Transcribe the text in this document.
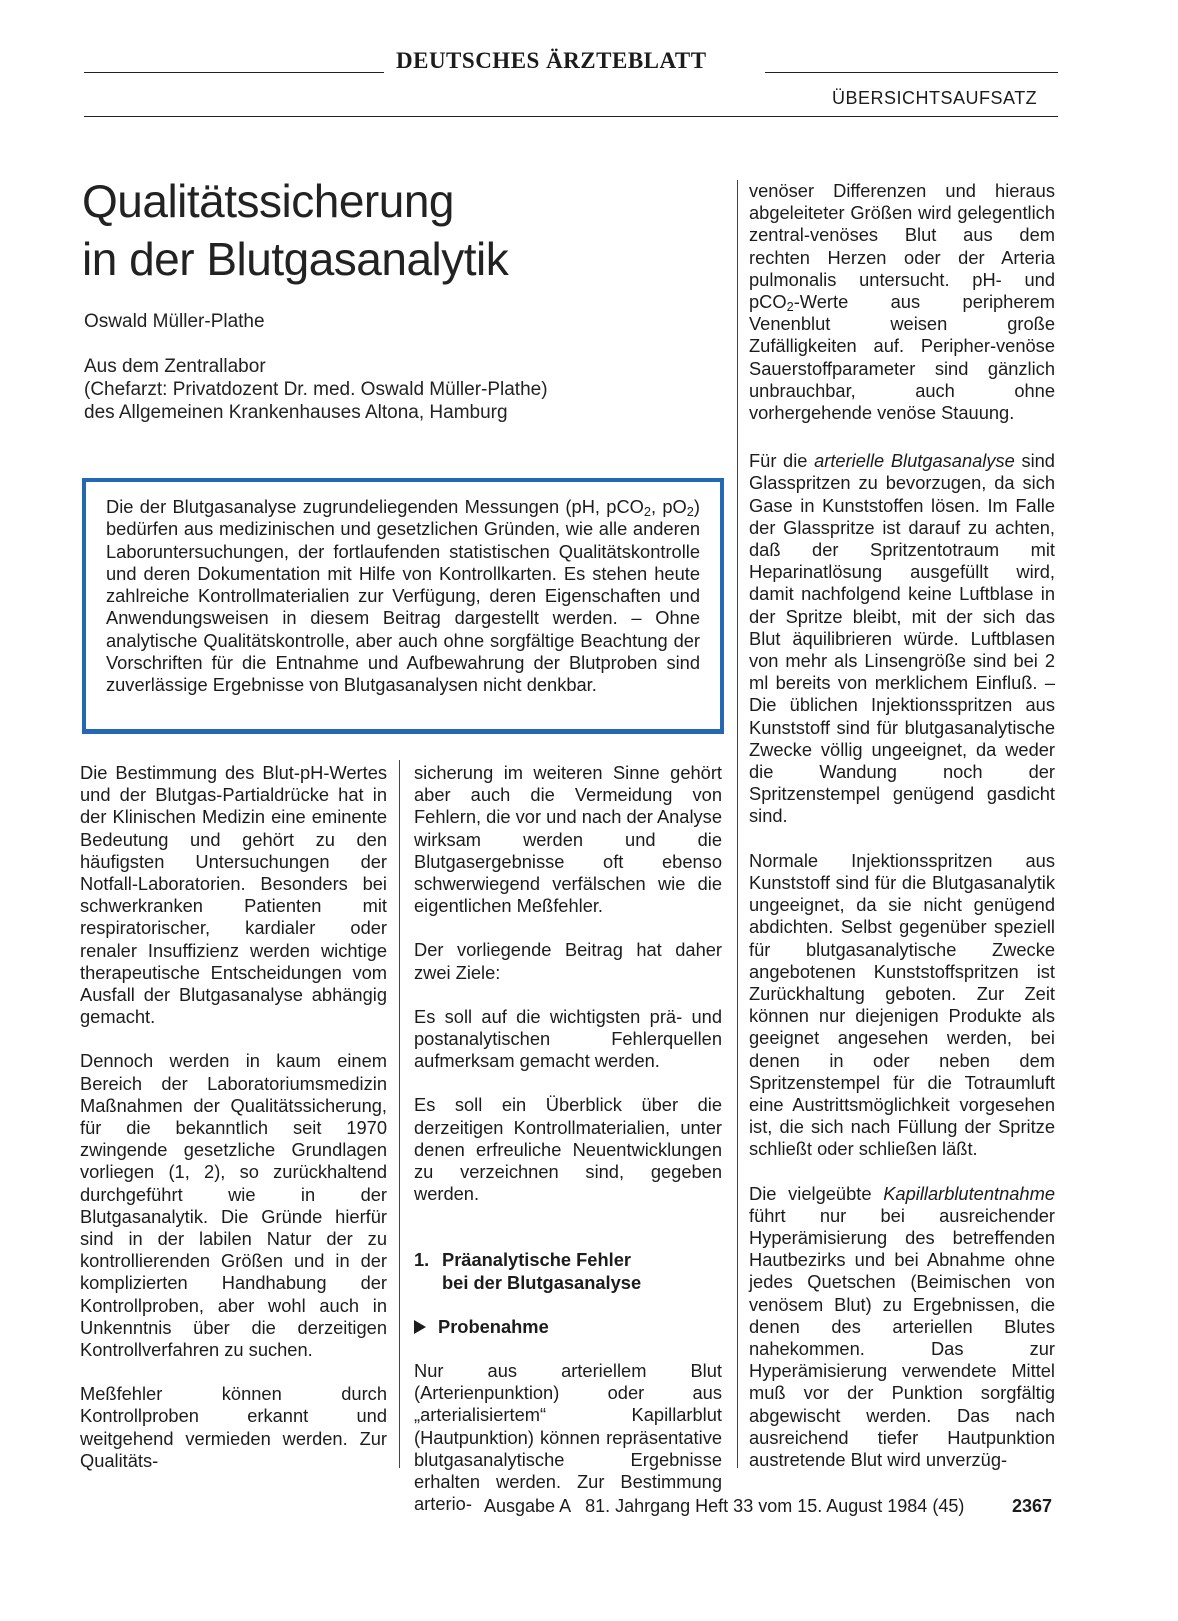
DEUTSCHES ÄRZTEBLATT
ÜBERSICHTSAUFSATZ
Qualitätssicherung
in der Blutgasanalytik
Oswald Müller-Plathe
Aus dem Zentrallabor
(Chefarzt: Privatdozent Dr. med. Oswald Müller-Plathe)
des Allgemeinen Krankenhauses Altona, Hamburg

Die der Blutgasanalyse zugrundeliegenden Messungen (pH, pCO$_2$, $pO_2$) bedürfen aus medizinischen und gesetzlichen Gründen, wie alle anderen Laboruntersuchungen, der fortlaufenden statistischen Qualitätskontrolle und deren Dokumentation mit Hilfe von Kontrollkarten. Es stehen heute zahlreiche Kontrollmaterialien zur Verfügung, deren Eigenschaften und Anwendungsweisen in diesem Beitrag dargestellt werden. – Ohne analytische Qualitätskontrolle, aber auch ohne sorgfältige Beachtung der Vorschriften für die Entnahme und Aufbewahrung der Blutproben sind zuverlässige Ergebnisse von Blutgasanalysen nicht denkbar.

Die Bestimmung des Blut-pH-Wertes und der Blutgas-Partialdrücke hat in der Klinischen Medizin eine eminente Bedeutung und gehört zu den häufigsten Untersuchungen der Notfall-Laboratorien. Besonders bei schwerkranken Patienten mit respiratorischer, kardialer oder renaler Insuffizienz werden wichtige therapeutische Entscheidungen vom Ausfall der Blutgasanalyse abhängig gemacht.

Dennoch werden in kaum einem Bereich der Laboratoriumsmedizin Maßnahmen der Qualitätssicherung, für die bekanntlich seit 1970 zwingende gesetzliche Grundlagen vorliegen (1, 2), so zurückhaltend durchgeführt wie in der Blutgasanalytik. Die Gründe hierfür sind in der labilen Natur der zu kontrollierenden Größen und in der komplizierten Handhabung der Kontrollproben, aber wohl auch in Unkenntnis über die derzeitigen Kontrollverfahren zu suchen.

Meßfehler können durch Kontrollproben erkannt und weitgehend vermieden werden. Zur Qualitäts-

sicherung im weiteren Sinne gehört aber auch die Vermeidung von Fehlern, die vor und nach der Analyse wirksam werden und die Blutgasergebnisse oft ebenso schwerwiegend verfälschen wie die eigentlichen Meßfehler.

Der vorliegende Beitrag hat daher zwei Ziele:

Es soll auf die wichtigsten prä- und postanalytischen Fehlerquellen aufmerksam gemacht werden.

Es soll ein Überblick über die derzeitigen Kontrollmaterialien, unter denen erfreuliche Neuentwicklungen zu verzeichnen sind, gegeben werden.

1. Präanalytische Fehler
bei der Blutgasanalyse

Probenahme

Nur aus arteriellem Blut (Arterienpunktion) oder aus „arterialisiertem“ Kapillarblut (Hautpunktion) können repräsentative blutgasanalytische Ergebnisse erhalten werden. Zur Bestimmung arterio-

venöser Differenzen und hieraus abgeleiteter Größen wird gelegentlich zentral-venöses Blut aus dem rechten Herzen oder der Arteria pulmonalis untersucht. pH- und pCO$_2$-Werte aus peripherem Venenblut weisen große Zufälligkeiten auf. Peripher-venöse Sauerstoffparameter sind gänzlich unbrauchbar, auch ohne vorhergehende venöse Stauung.

Für die arterielle Blutgasanalyse sind Glasspritzen zu bevorzugen, da sich Gase in Kunststoffen lösen. Im Falle der Glasspritze ist darauf zu achten, daß der Spritzentotraum mit Heparinatlösung ausgefüllt wird, damit nachfolgend keine Luftblase in der Spritze bleibt, mit der sich das Blut äquilibrieren würde. Luftblasen von mehr als Linsengröße sind bei 2 ml bereits von merklichem Einfluß. – Die üblichen Injektionsspritzen aus Kunststoff sind für blutgasanalytische Zwecke völlig ungeeignet, da weder die Wandung noch der Spritzenstempel genügend gasdicht sind.

Normale Injektionsspritzen aus Kunststoff sind für die Blutgasanalytik ungeeignet, da sie nicht genügend abdichten. Selbst gegenüber speziell für blutgasanalytische Zwecke angebotenen Kunststoffspritzen ist Zurückhaltung geboten. Zur Zeit können nur diejenigen Produkte als geeignet angesehen werden, bei denen in oder neben dem Spritzenstempel für die Totraumluft eine Austrittsmöglichkeit vorgesehen ist, die sich nach Füllung der Spritze schließt oder schließen läßt.

Die vielgeübte Kapillarblutentnahme führt nur bei ausreichender Hyperämisierung des betreffenden Hautbezirks und bei Abnahme ohne jedes Quetschen (Beimischen von venösem Blut) zu Ergebnissen, die denen des arteriellen Blutes nahekommen. Das zur Hyperämisierung verwendete Mittel muß vor der Punktion sorgfältig abgewischt werden. Das nach ausreichend tiefer Hautpunktion austretende Blut wird unverzüg-

Ausgabe A   81. Jahrgang Heft 33 vom 15. August 1984 (45)	2367
